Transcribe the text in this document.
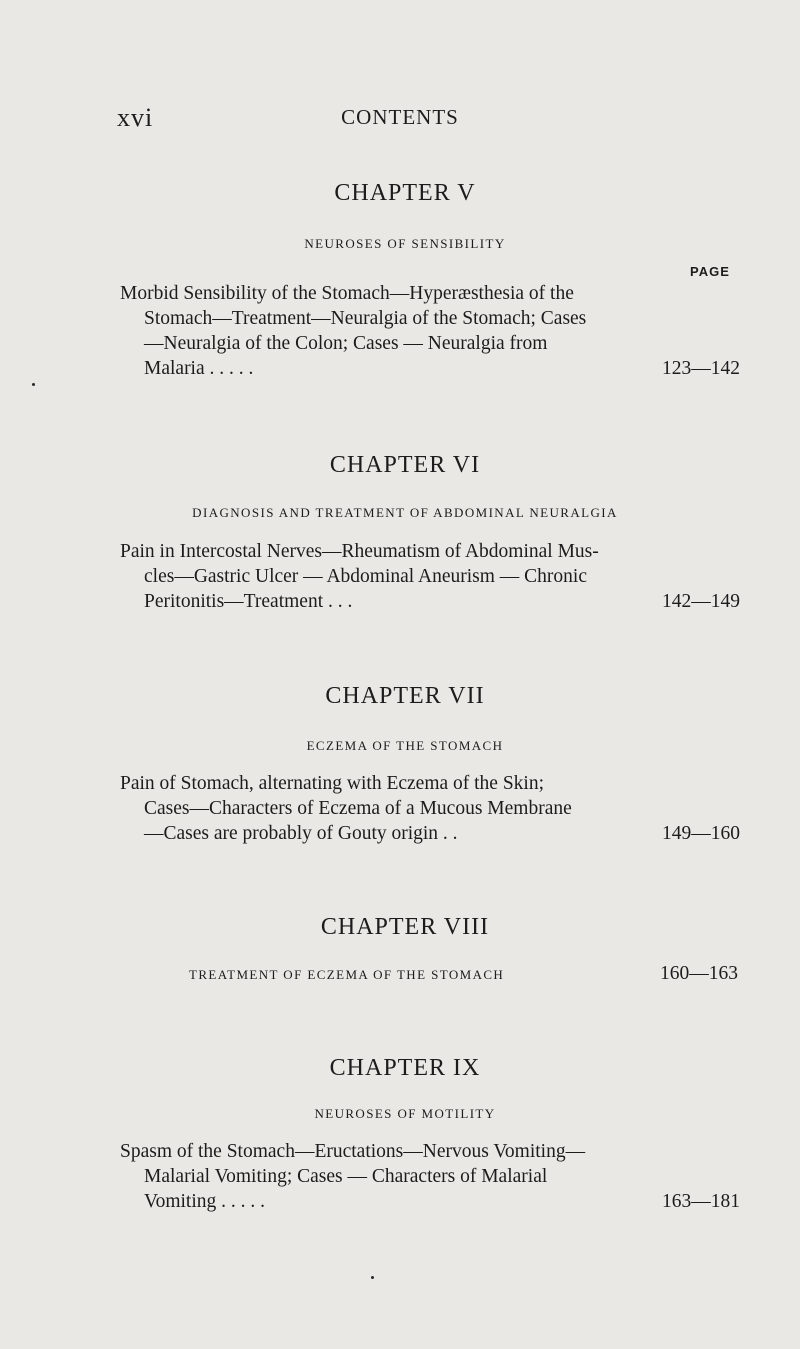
xvi	CONTENTS
CHAPTER V
NEUROSES OF SENSIBILITY
PAGE
Morbid Sensibility of the Stomach—Hyperæsthesia of the
Stomach—Treatment—Neuralgia of the Stomach; Cases
—Neuralgia of the Colon; Cases — Neuralgia from
Malaria . . . . .	123—142
CHAPTER VI
DIAGNOSIS AND TREATMENT OF ABDOMINAL NEURALGIA
Pain in Intercostal Nerves—Rheumatism of Abdominal Mus-
cles—Gastric Ulcer — Abdominal Aneurism — Chronic
Peritonitis—Treatment . . .	142—149
CHAPTER VII
ECZEMA OF THE STOMACH
Pain of Stomach, alternating with Eczema of the Skin;
Cases—Characters of Eczema of a Mucous Membrane
—Cases are probably of Gouty origin . .	149—160
CHAPTER VIII
TREATMENT OF ECZEMA OF THE STOMACH	160—163
CHAPTER IX
NEUROSES OF MOTILITY
Spasm of the Stomach—Eructations—Nervous Vomiting—
Malarial Vomiting; Cases — Characters of Malarial
Vomiting . . . . .	163—181
